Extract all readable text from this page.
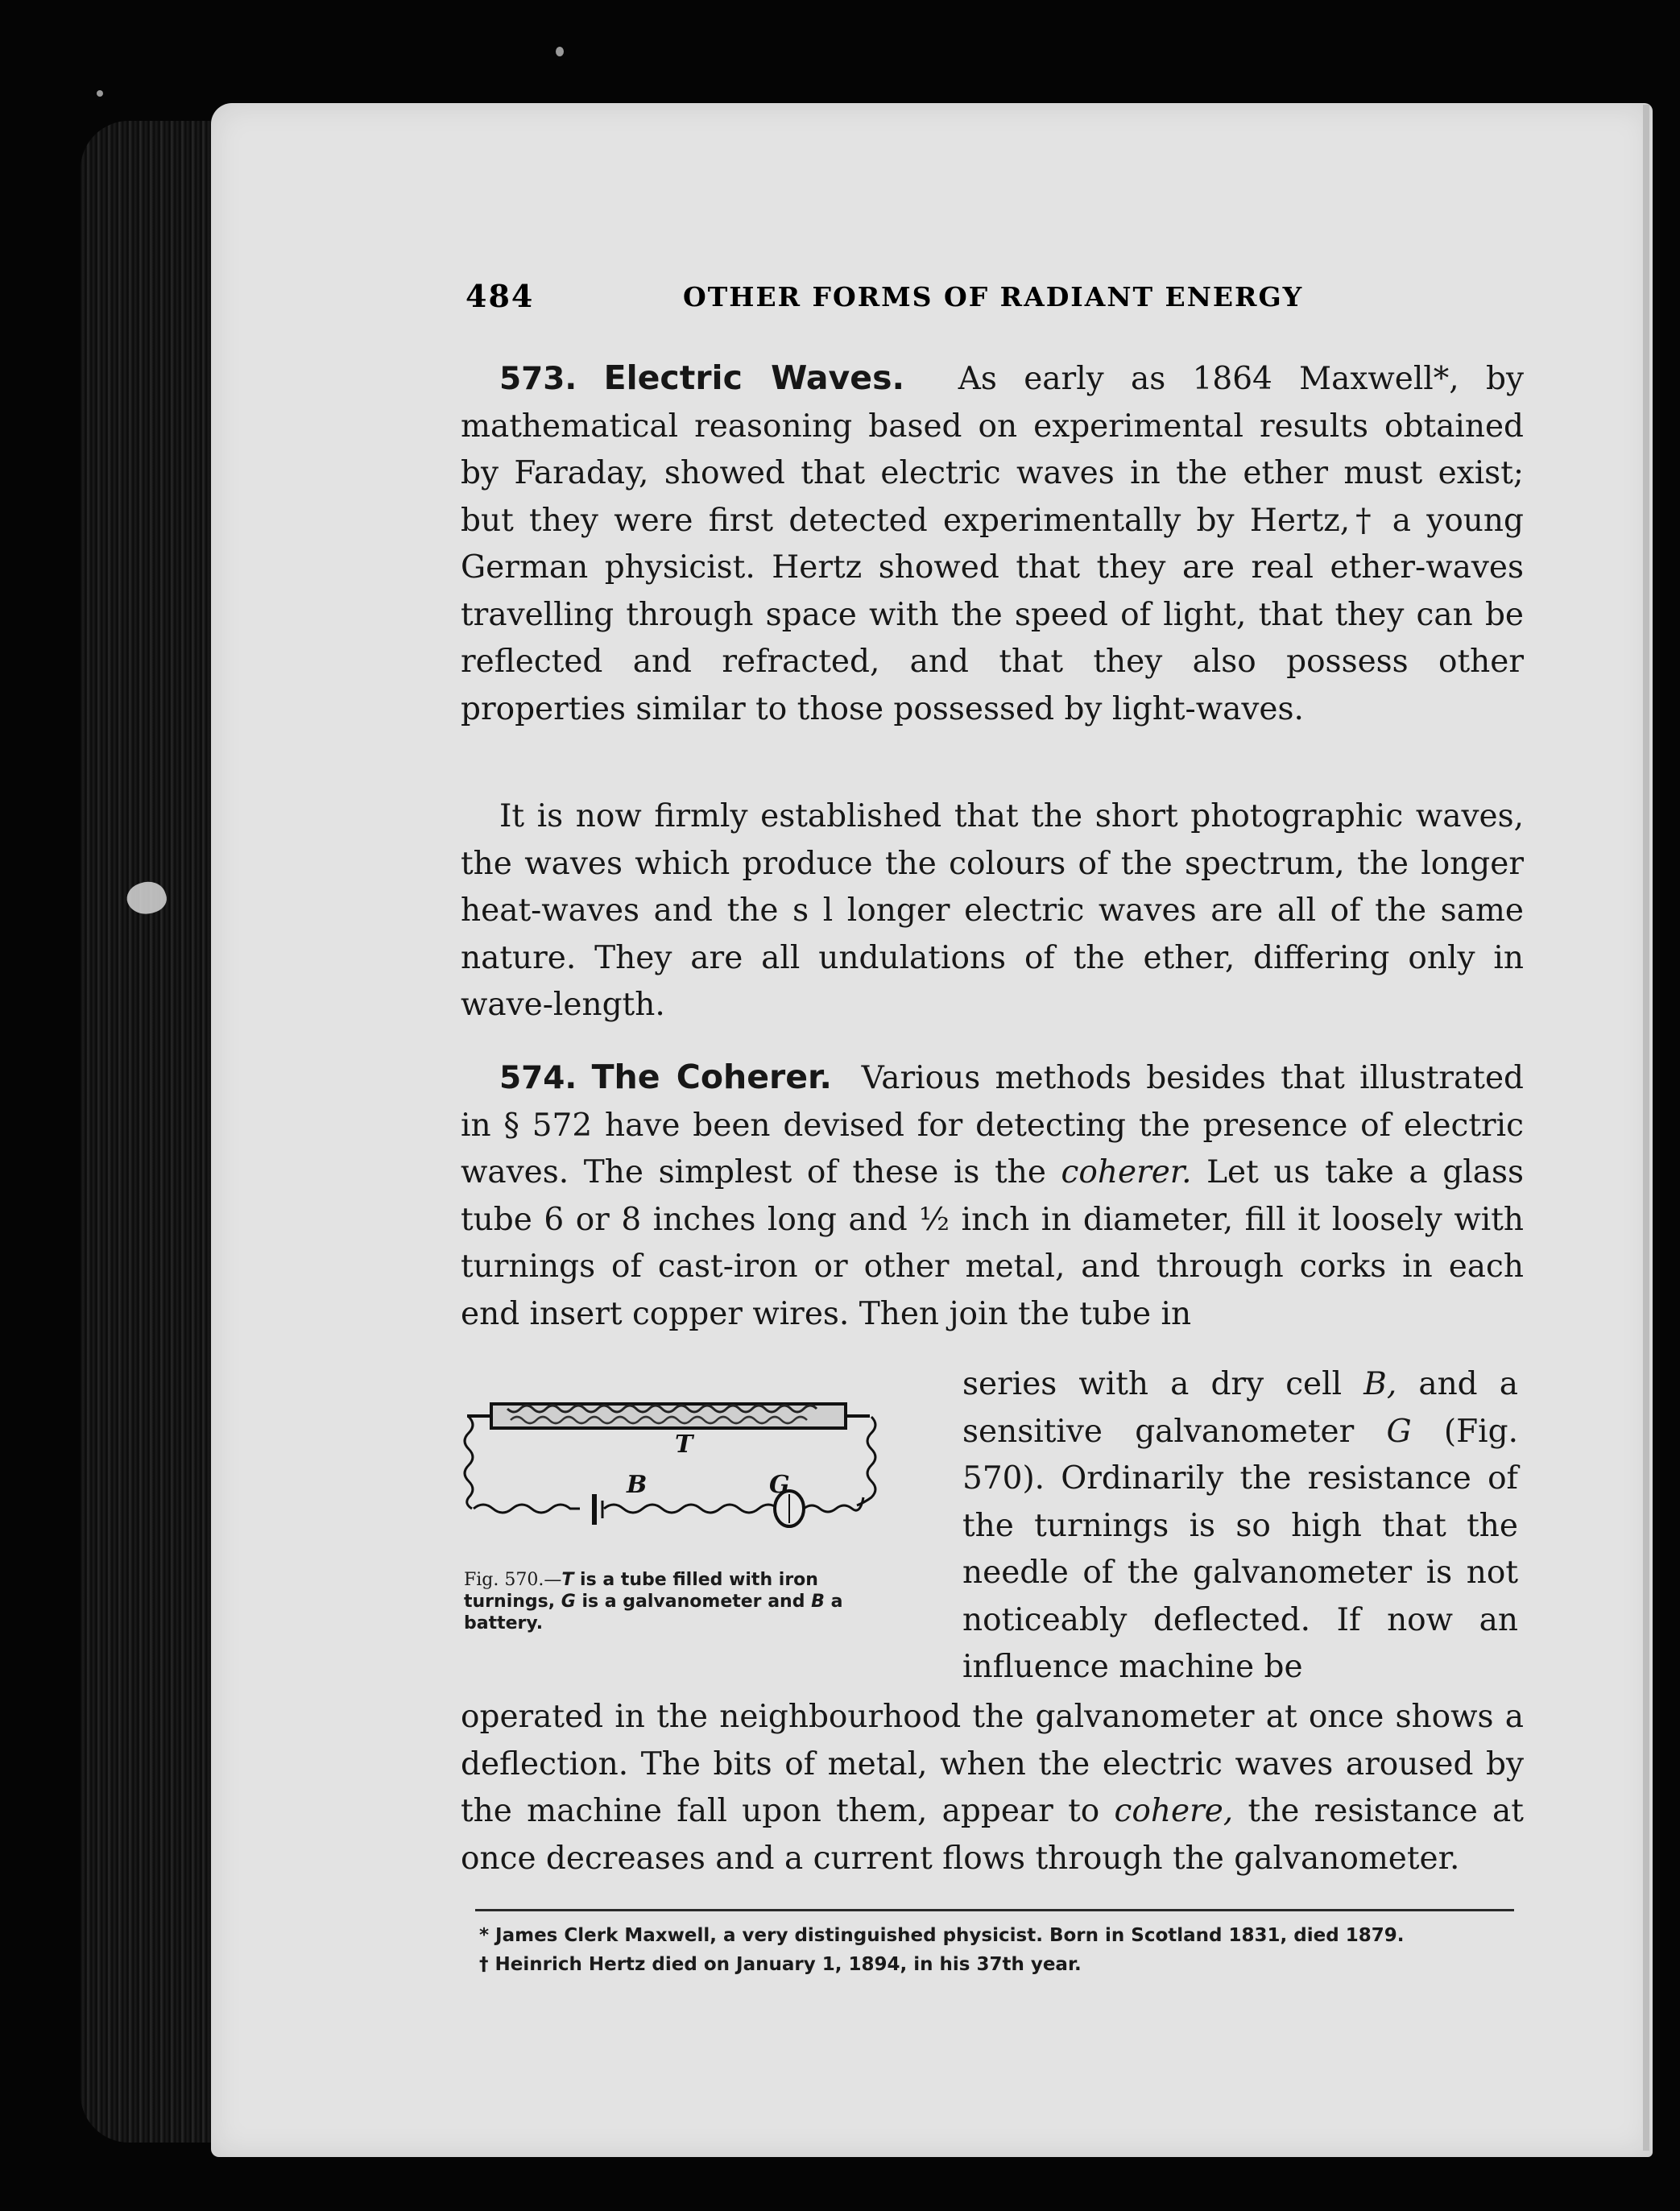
484	OTHER FORMS OF RADIANT ENERGY
573. Electric Waves. As early as 1864 Maxwell*, by mathematical reasoning based on experimental results obtained by Faraday, showed that electric waves in the ether must exist; but they were first detected experimentally by Hertz,† a young German physicist. Hertz showed that they are real ether-waves travelling through space with the speed of light, that they can be reflected and refracted, and that they also possess other properties similar to those possessed by light-waves.
It is now firmly established that the short photographic waves, the waves which produce the colours of the spectrum, the longer heat-waves and the s l longer electric waves are all of the same nature. They are all undulations of the ether, differing only in wave-length.
574. The Coherer. Various methods besides that illustrated in § 572 have been devised for detecting the presence of electric waves. The simplest of these is the coherer. Let us take a glass tube 6 or 8 inches long and ½ inch in diameter, fill it loosely with turnings of cast-iron or other metal, and through corks in each end insert copper wires. Then join the tube in
series with a dry cell B, and a sensitive galvanometer G (Fig. 570). Ordinarily the resistance of the turnings is so high that the needle of the galvanometer is not noticeably deflected. If now an influence machine be
T
B	G
Fig. 570.—T is a tube filled with iron turnings, G is a galvanometer and B a battery.
operated in the neighbourhood the galvanometer at once shows a deflection. The bits of metal, when the electric waves aroused by the machine fall upon them, appear to cohere, the resistance at once decreases and a current flows through the galvanometer.
* James Clerk Maxwell, a very distinguished physicist. Born in Scotland 1831, died 1879.
† Heinrich Hertz died on January 1, 1894, in his 37th year.
